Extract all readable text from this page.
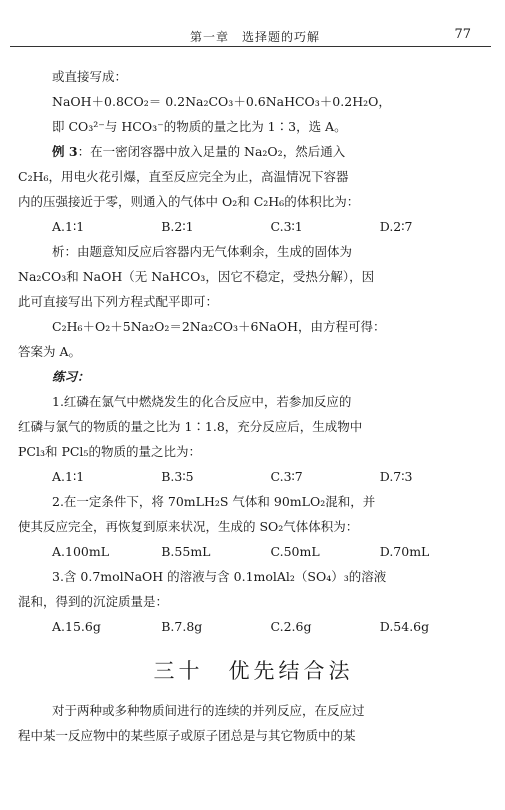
第一章　选择题的巧解	77

或直接写成：

NaOH＋0.8CO₂＝ 0.2Na₂CO₃＋0.6NaHCO₃＋0.2H₂O，

即 CO₃²⁻与 HCO₃⁻的物质的量之比为 1∶3，选 A。

例 3：在一密闭容器中放入足量的 Na₂O₂，然后通入

C₂H₆，用电火花引爆，直至反应完全为止，高温情况下容器

内的压强接近于零，则通入的气体中 O₂和 C₂H₆的体积比为：

A.1∶1	B.2∶1	C.3∶1	D.2∶7

析：由题意知反应后容器内无气体剩余，生成的固体为

Na₂CO₃和 NaOH（无 NaHCO₃，因它不稳定，受热分解），因

此可直接写出下列方程式配平即可：

C₂H₆＋O₂＋5Na₂O₂＝2Na₂CO₃＋6NaOH，由方程可得：

答案为 A。

练习：

1.红磷在氯气中燃烧发生的化合反应中，若参加反应的

红磷与氯气的物质的量之比为 1∶1.8，充分反应后，生成物中

PCl₃和 PCl₅的物质的量之比为：

A.1∶1	B.3∶5	C.3∶7	D.7∶3

2.在一定条件下，将 70mLH₂S 气体和 90mLO₂混和，并

使其反应完全，再恢复到原来状况，生成的 SO₂气体体积为：

A.100mL	B.55mL	C.50mL	D.70mL

3.含 0.7molNaOH 的溶液与含 0.1molAl₂（SO₄）₃的溶液

混和，得到的沉淀质量是：

A.15.6g	B.7.8g	C.2.6g	D.54.6g
三十　优先结合法

对于两种或多种物质间进行的连续的并列反应，在反应过

程中某一反应物中的某些原子或原子团总是与其它物质中的某
